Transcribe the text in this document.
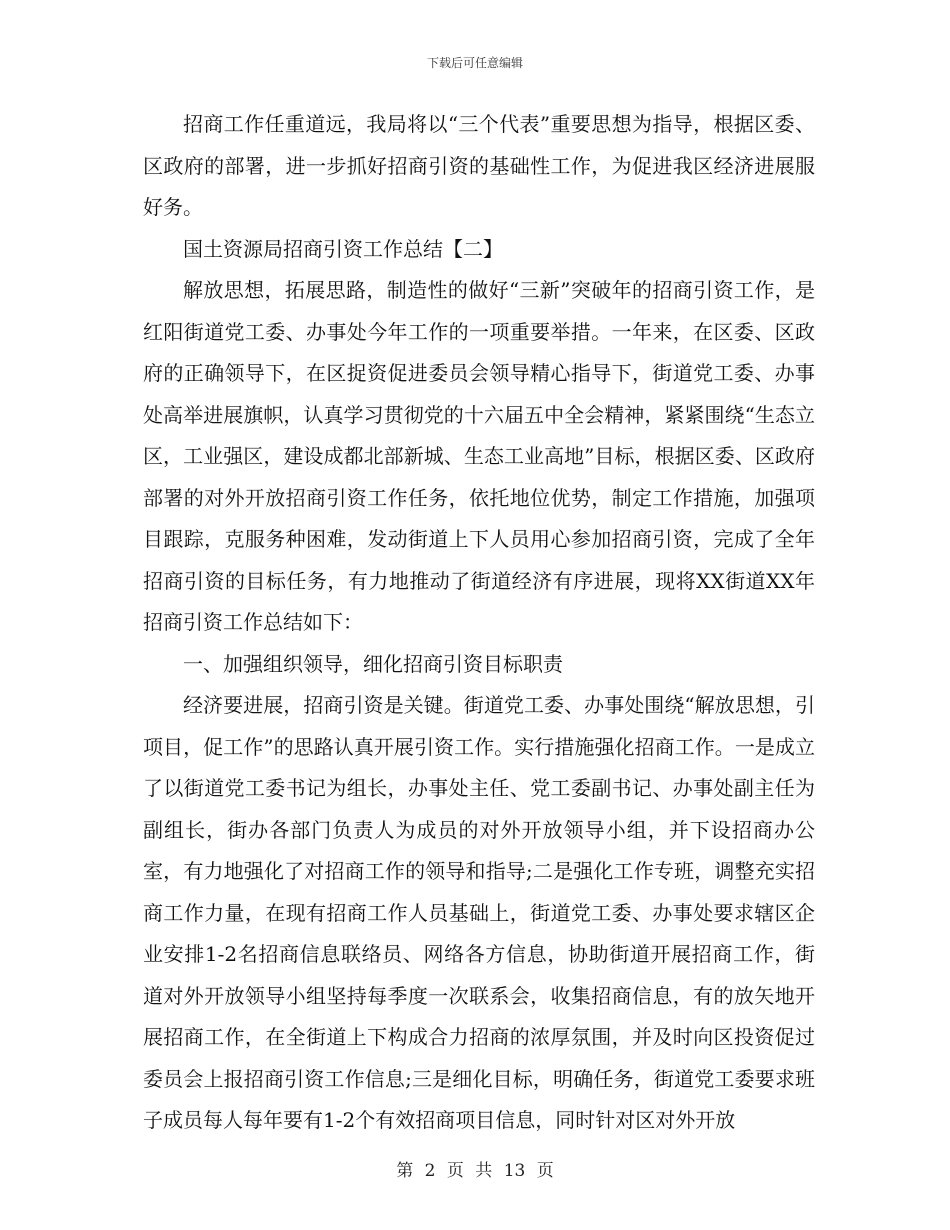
下载后可任意编辑

招商工作任重道远，我局将以“三个代表”重要思想为指导，根据区委、区政府的部署，进一步抓好招商引资的基础性工作，为促进我区经济进展服好务。

国土资源局招商引资工作总结【二】

解放思想，拓展思路，制造性的做好“三新”突破年的招商引资工作，是红阳街道党工委、办事处今年工作的一项重要举措。一年来，在区委、区政府的正确领导下，在区捉资促进委员会领导精心指导下，街道党工委、办事处高举进展旗帜，认真学习贯彻党的十六届五中全会精神，紧紧围绕“生态立区，工业强区，建设成都北部新城、生态工业高地”目标，根据区委、区政府部署的对外开放招商引资工作任务，依托地位优势，制定工作措施，加强项目跟踪，克服务种困难，发动街道上下人员用心参加招商引资，完成了全年招商引资的目标任务，有力地推动了街道经济有序进展，现将XX街道XX年招商引资工作总结如下：

一、加强组织领导，细化招商引资目标职责

经济要进展，招商引资是关键。街道党工委、办事处围绕“解放思想，引项目，促工作”的思路认真开展引资工作。实行措施强化招商工作。一是成立了以街道党工委书记为组长，办事处主任、党工委副书记、办事处副主任为副组长，街办各部门负责人为成员的对外开放领导小组，并下设招商办公室，有力地强化了对招商工作的领导和指导;二是强化工作专班，调整充实招商工作力量，在现有招商工作人员基础上，街道党工委、办事处要求辖区企业安排1-2名招商信息联络员、网络各方信息，协助街道开展招商工作，街道对外开放领导小组坚持每季度一次联系会，收集招商信息，有的放矢地开展招商工作，在全街道上下构成合力招商的浓厚氛围，并及时向区投资促过委员会上报招商引资工作信息;三是细化目标，明确任务，街道党工委要求班子成员每人每年要有1-2个有效招商项目信息，同时针对区对外开放

第 2 页 共 13 页
